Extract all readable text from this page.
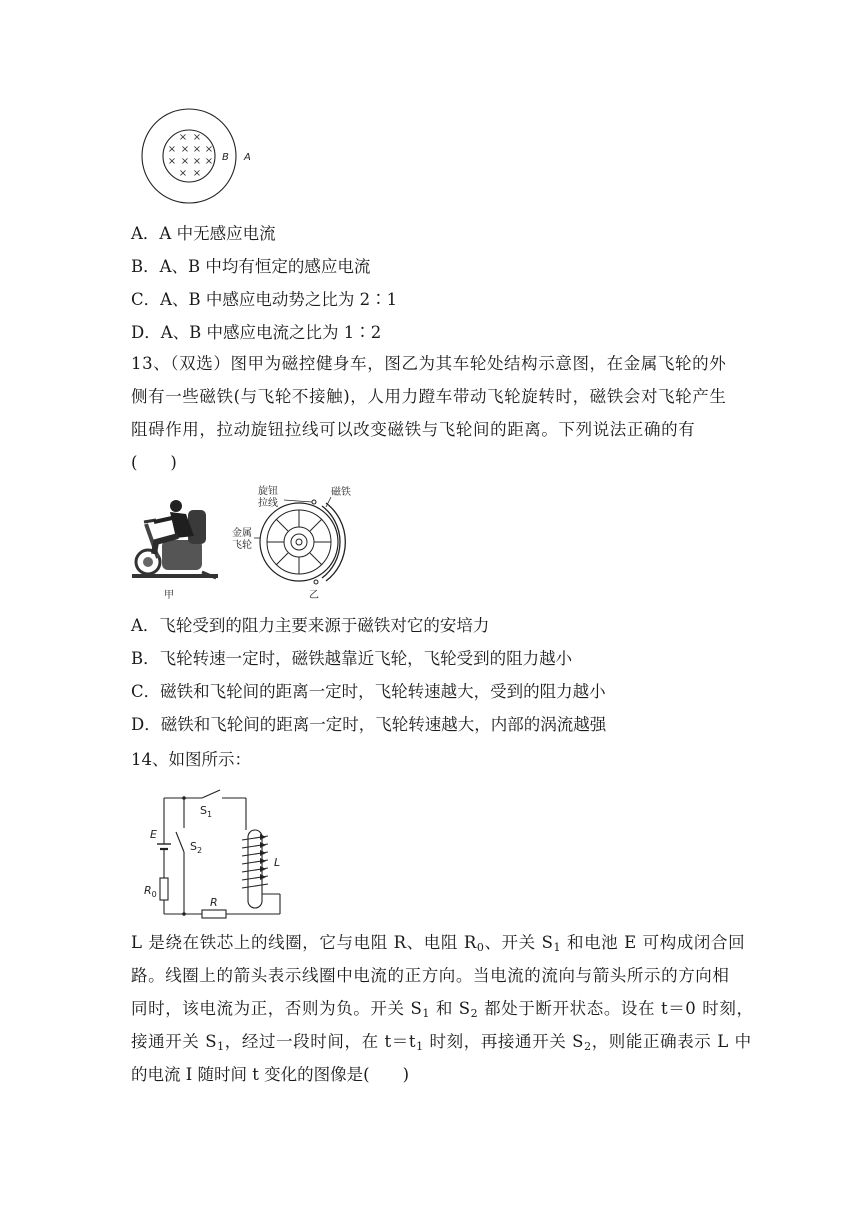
× ×
× × × ×
× × × ×
× ×
B A
A．A 中无感应电流
B．A、B 中均有恒定的感应电流
C．A、B 中感应电动势之比为 2∶1
D．A、B 中感应电流之比为 1∶2
13、（双选）图甲为磁控健身车，图乙为其车轮处结构示意图，在金属飞轮的外
侧有一些磁铁(与飞轮不接触)，人用力蹬车带动飞轮旋转时，磁铁会对飞轮产生
阻碍作用，拉动旋钮拉线可以改变磁铁与飞轮间的距离。下列说法正确的有
(　　)
甲
旋钮
拉线
磁铁
金属
飞轮
乙
A．飞轮受到的阻力主要来源于磁铁对它的安培力
B．飞轮转速一定时，磁铁越靠近飞轮，飞轮受到的阻力越小
C．磁铁和飞轮间的距离一定时，飞轮转速越大，受到的阻力越小
D．磁铁和飞轮间的距离一定时，飞轮转速越大，内部的涡流越强
14、如图所示：
$S_1$
$S_2$
E
$R_0$
R
L
L 是绕在铁芯上的线圈，它与电阻 R、电阻 $R_0$、开关 $S_1$ 和电池 E 可构成闭合回
路。线圈上的箭头表示线圈中电流的正方向。当电流的流向与箭头所示的方向相
同时，该电流为正，否则为负。开关 $S_1$ 和 $S_2$ 都处于断开状态。设在 t＝0 时刻，
接通开关 $S_1$，经过一段时间，在 $t=t_1$ 时刻，再接通开关 $S_2$，则能正确表示 L 中
的电流 I 随时间 t 变化的图像是(　　)
